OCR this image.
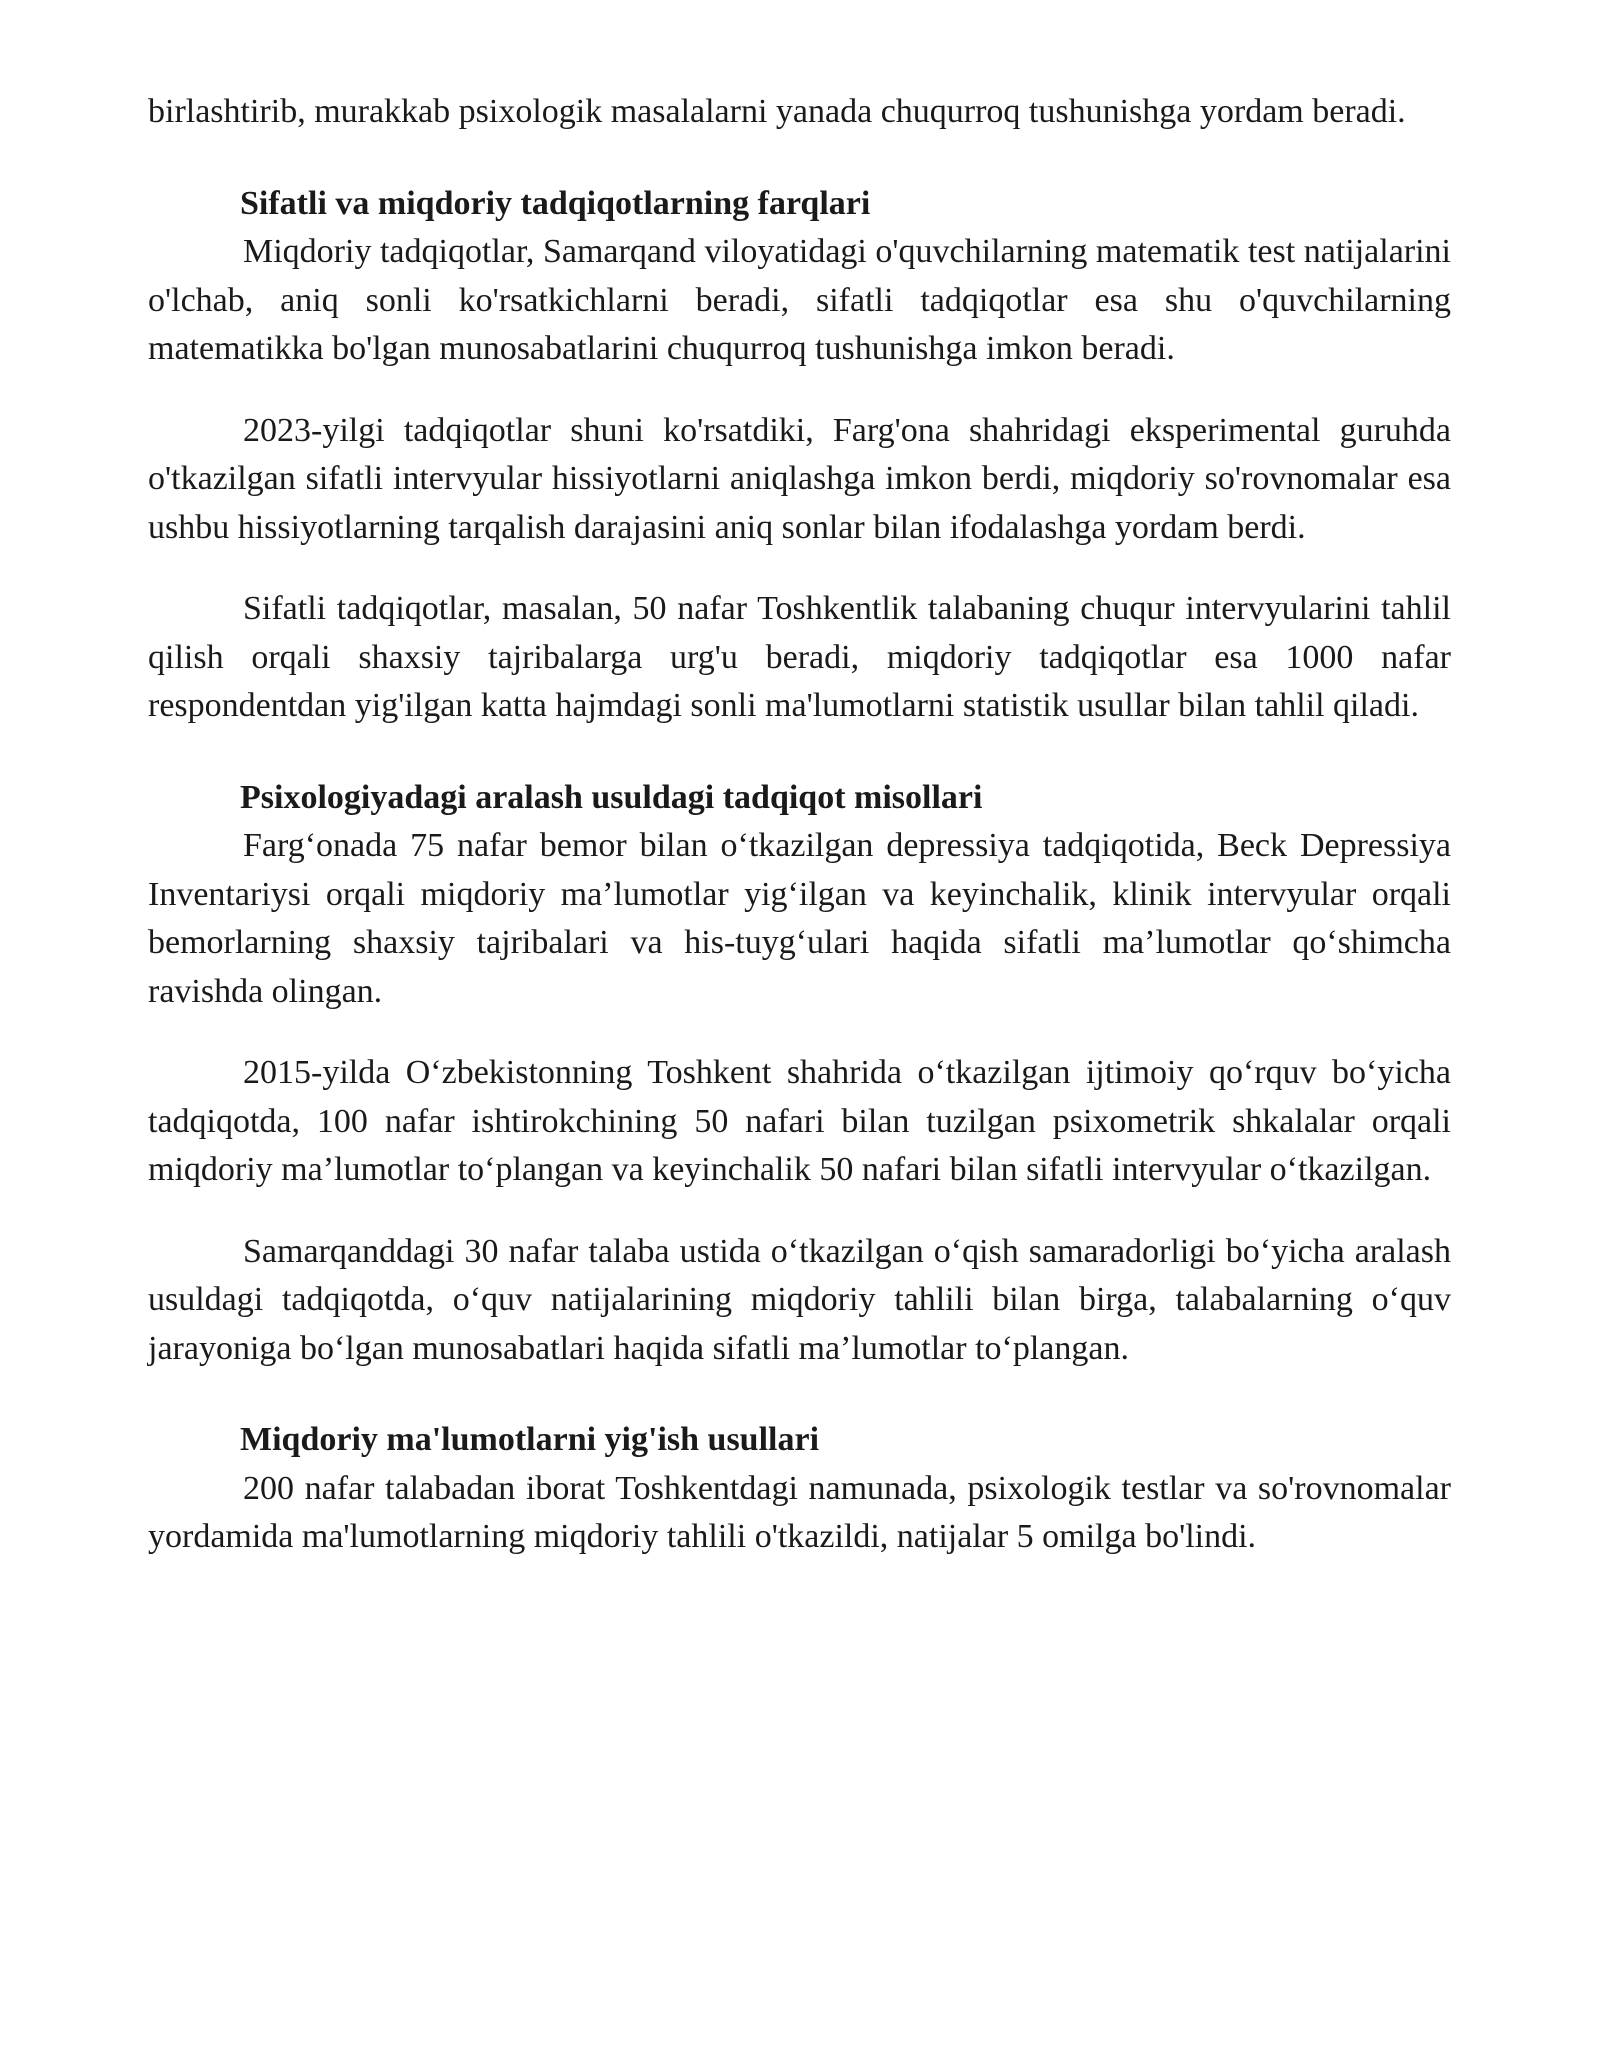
birlashtirib, murakkab psixologik masalalarni yanada chuqurroq tushunishga yordam beradi.

Sifatli va miqdoriy tadqiqotlarning farqlari

Miqdoriy tadqiqotlar, Samarqand viloyatidagi o'quvchilarning matematik test natijalarini o'lchab, aniq sonli ko'rsatkichlarni beradi, sifatli tadqiqotlar esa shu o'quvchilarning matematikka bo'lgan munosabatlarini chuqurroq tushunishga imkon beradi.

2023-yilgi tadqiqotlar shuni ko'rsatdiki, Farg'ona shahridagi eksperimental guruhda o'tkazilgan sifatli intervyular hissiyotlarni aniqlashga imkon berdi, miqdoriy so'rovnomalar esa ushbu hissiyotlarning tarqalish darajasini aniq sonlar bilan ifodalashga yordam berdi.

Sifatli tadqiqotlar, masalan, 50 nafar Toshkentlik talabaning chuqur intervyularini tahlil qilish orqali shaxsiy tajribalarga urg'u beradi, miqdoriy tadqiqotlar esa 1000 nafar respondentdan yig'ilgan katta hajmdagi sonli ma'lumotlarni statistik usullar bilan tahlil qiladi.

Psixologiyadagi aralash usuldagi tadqiqot misollari

Farg‘onada 75 nafar bemor bilan o‘tkazilgan depressiya tadqiqotida, Beck Depressiya Inventariysi orqali miqdoriy ma’lumotlar yig‘ilgan va keyinchalik, klinik intervyular orqali bemorlarning shaxsiy tajribalari va his-tuyg‘ulari haqida sifatli ma’lumotlar qo‘shimcha ravishda olingan.

2015-yilda O‘zbekistonning Toshkent shahrida o‘tkazilgan ijtimoiy qo‘rquv bo‘yicha tadqiqotda, 100 nafar ishtirokchining 50 nafari bilan tuzilgan psixometrik shkalalar orqali miqdoriy ma’lumotlar to‘plangan va keyinchalik 50 nafari bilan sifatli intervyular o‘tkazilgan.

Samarqanddagi 30 nafar talaba ustida o‘tkazilgan o‘qish samaradorligi bo‘yicha aralash usuldagi tadqiqotda, o‘quv natijalarining miqdoriy tahlili bilan birga, talabalarning o‘quv jarayoniga bo‘lgan munosabatlari haqida sifatli ma’lumotlar to‘plangan.

Miqdoriy ma'lumotlarni yig'ish usullari

200 nafar talabadan iborat Toshkentdagi namunada, psixologik testlar va so'rovnomalar yordamida ma'lumotlarning miqdoriy tahlili o'tkazildi, natijalar 5 omilga bo'lindi.
